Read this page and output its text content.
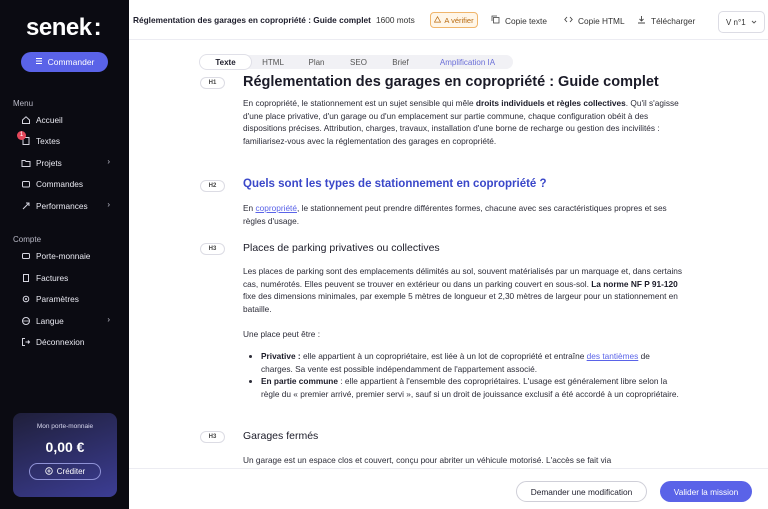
senek:
Commander
Menu
Accueil
1
Textes
Projets	›
Commandes
Performances ›
Compte
Porte-monnaie
Factures
Paramètres
Langue	›
Déconnexion
Mon porte-monnaie
0,00 €
Créditer
Réglementation des garages en copropriété : Guide complet 1600 mots	A vérifier	Copie texte	Copie HTML	Télécharger	V n°1
Texte	HTML	Plan	SEO	Brief	Amplification IA
H1	Réglementation des garages en copropriété : Guide complet

En copropriété, le stationnement est un sujet sensible qui mêle droits individuels et règles collectives. Qu'il s'agisse d'une place privative, d'un garage ou d'un emplacement sur partie commune, chaque configuration obéit à des dispositions précises. Attribution, charges, travaux, installation d'une borne de recharge ou gestion des incivilités : familiarisez-vous avec la réglementation des garages en copropriété.

H2	Quels sont les types de stationnement en copropriété ?

En copropriété, le stationnement peut prendre différentes formes, chacune avec ses caractéristiques propres et ses règles d'usage.

H3	Places de parking privatives ou collectives

Les places de parking sont des emplacements délimités au sol, souvent matérialisés par un marquage et, dans certains cas, numérotés. Elles peuvent se trouver en extérieur ou dans un parking couvert en sous-sol. La norme NF P 91-120 fixe des dimensions minimales, par exemple 5 mètres de longueur et 2,30 mètres de largeur pour un stationnement en bataille.

Une place peut être :

• Privative : elle appartient à un copropriétaire, est liée à un lot de copropriété et entraîne des tantièmes de charges. Sa vente est possible indépendamment de l'appartement associé.
• En partie commune : elle appartient à l'ensemble des copropriétaires. L'usage est généralement libre selon la règle du « premier arrivé, premier servi », sauf si un droit de jouissance exclusif a été accordé à un copropriétaire.
H3	Garages fermés

Un garage est un espace clos et couvert, conçu pour abriter un véhicule motorisé. L'accès se fait via

Demander une modification	Valider la mission
